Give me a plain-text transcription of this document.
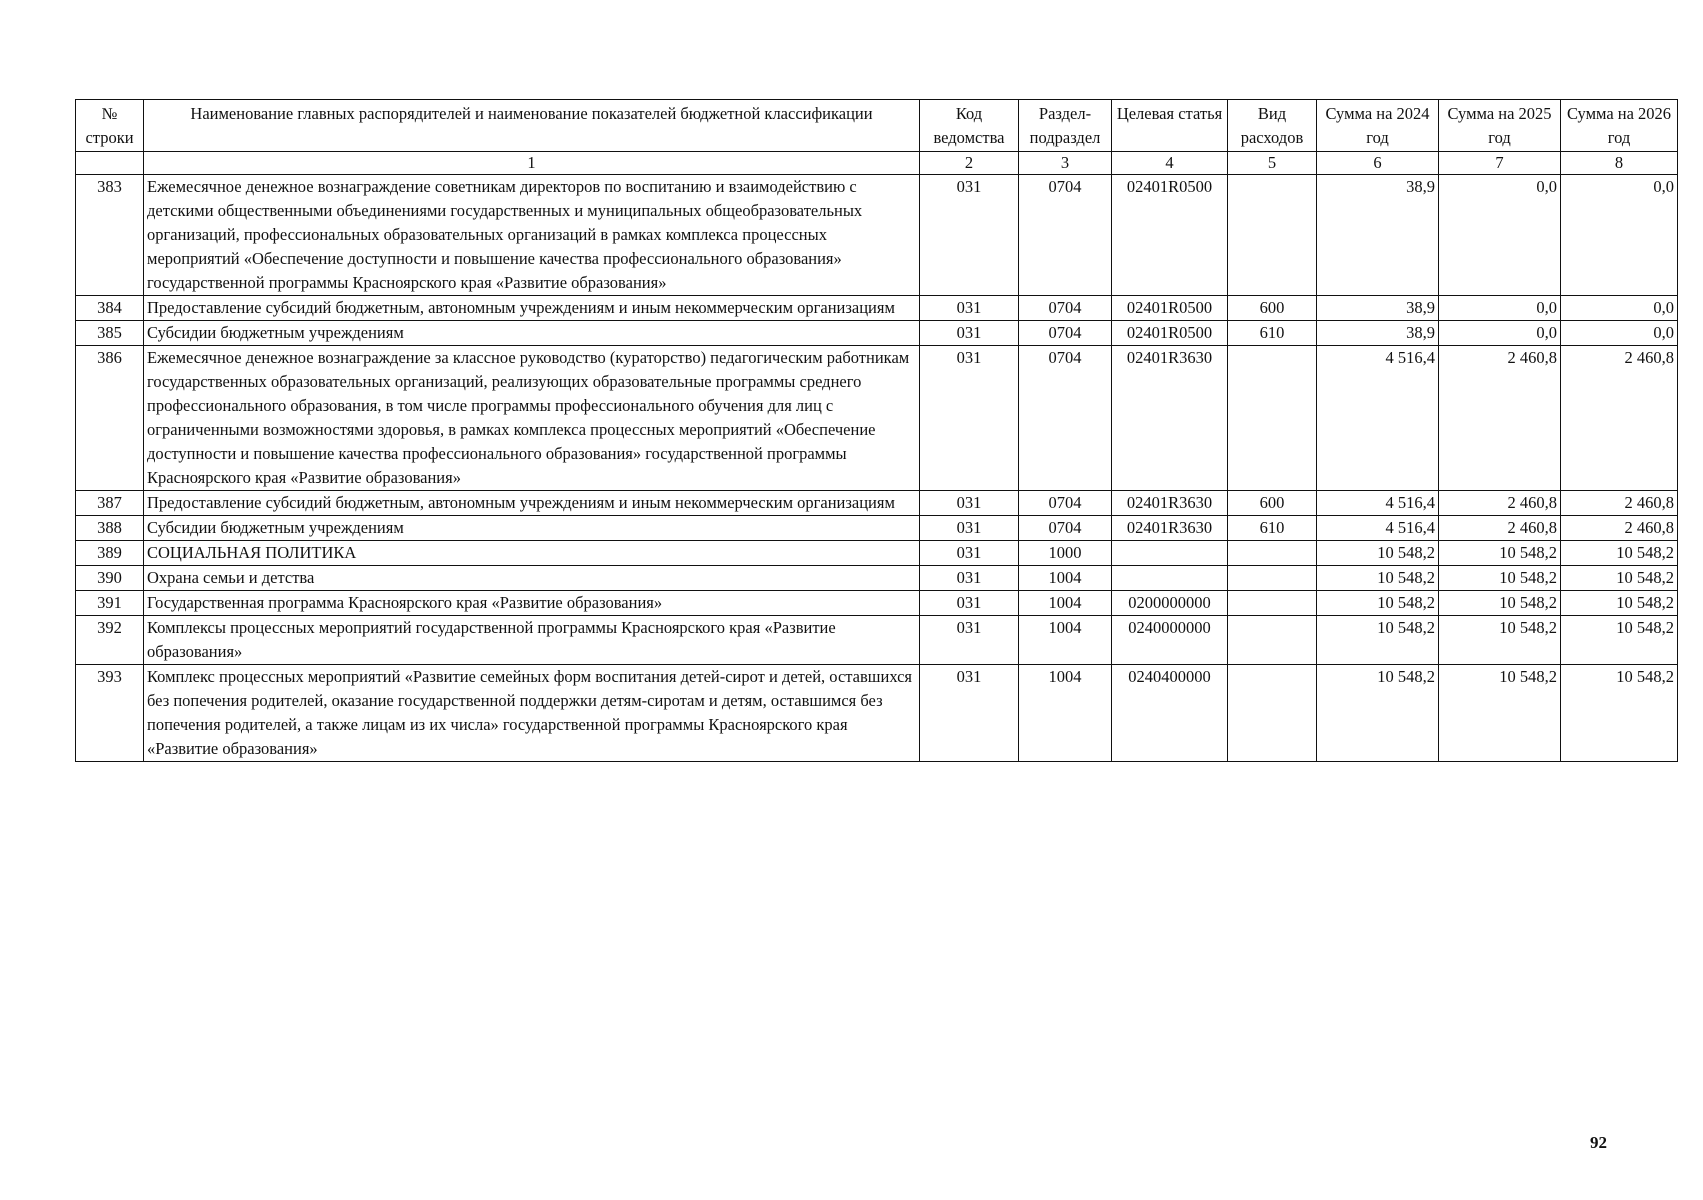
№ строки	Наименование главных распорядителей и наименование показателей бюджетной классификации	Код ведомства	Раздел-подраздел	Целевая статья	Вид расходов	Сумма на 2024 год	Сумма на 2025 год	Сумма на 2026 год
	1	2	3	4	5	6	7	8
383	Ежемесячное денежное вознаграждение советникам директоров по воспитанию и взаимодействию с детскими общественными объединениями государственных и муниципальных общеобразовательных организаций, профессиональных образовательных организаций в рамках комплекса процессных мероприятий «Обеспечение доступности и повышение качества профессионального образования» государственной программы Красноярского края «Развитие образования»	031	0704	02401R0500		38,9	0,0	0,0
384	Предоставление субсидий бюджетным, автономным учреждениям и иным некоммерческим организациям	031	0704	02401R0500	600	38,9	0,0	0,0
385	Субсидии бюджетным учреждениям	031	0704	02401R0500	610	38,9	0,0	0,0
386	Ежемесячное денежное вознаграждение за классное руководство (кураторство) педагогическим работникам государственных образовательных организаций, реализующих образовательные программы среднего профессионального образования, в том числе программы профессионального обучения для лиц с ограниченными возможностями здоровья, в рамках комплекса процессных мероприятий «Обеспечение доступности и повышение качества профессионального образования» государственной программы Красноярского края «Развитие образования»	031	0704	02401R3630		4 516,4	2 460,8	2 460,8
387	Предоставление субсидий бюджетным, автономным учреждениям и иным некоммерческим организациям	031	0704	02401R3630	600	4 516,4	2 460,8	2 460,8
388	Субсидии бюджетным учреждениям	031	0704	02401R3630	610	4 516,4	2 460,8	2 460,8
389	СОЦИАЛЬНАЯ ПОЛИТИКА	031	1000			10 548,2	10 548,2	10 548,2
390	Охрана семьи и детства	031	1004			10 548,2	10 548,2	10 548,2
391	Государственная программа Красноярского края «Развитие образования»	031	1004	0200000000		10 548,2	10 548,2	10 548,2
392	Комплексы процессных мероприятий государственной программы Красноярского края «Развитие образования»	031	1004	0240000000		10 548,2	10 548,2	10 548,2
393	Комплекс процессных мероприятий «Развитие семейных форм воспитания детей-сирот и детей, оставшихся без попечения родителей, оказание государственной поддержки детям-сиротам и детям, оставшимся без попечения родителей, а также лицам из их числа» государственной программы Красноярского края «Развитие образования»	031	1004	0240400000		10 548,2	10 548,2	10 548,2
92
